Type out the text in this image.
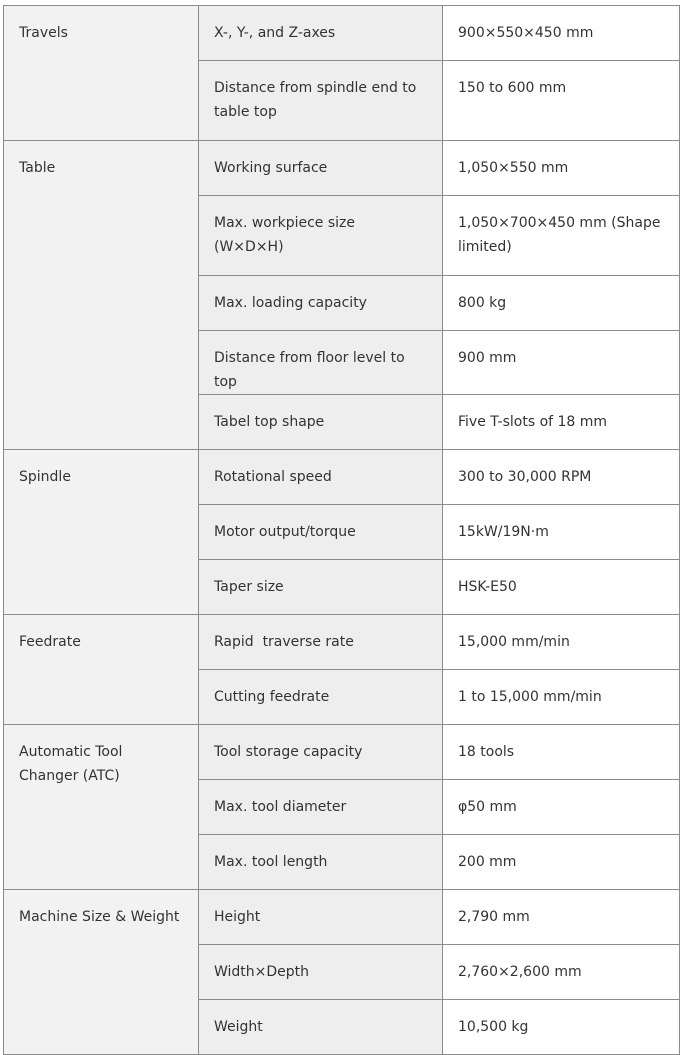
Travels	X-, Y-, and Z-axes	900×550×450 mm
	Distance from spindle end to table top	150 to 600 mm
Table	Working surface	1,050×550 mm
	Max. workpiece size (W×D×H)	1,050×700×450 mm (Shape limited)
	Max. loading capacity	800 kg
	Distance from floor level to top	900 mm
	Tabel top shape	Five T-slots of 18 mm
Spindle	Rotational speed	300 to 30,000 RPM
	Motor output/torque	15kW/19N·m
	Taper size	HSK-E50
Feedrate	Rapid  traverse rate	15,000 mm/min
	Cutting feedrate	1 to 15,000 mm/min
Automatic Tool Changer (ATC)	Tool storage capacity	18 tools
	Max. tool diameter	φ50 mm
	Max. tool length	200 mm
Machine Size & Weight	Height	2,790 mm
	Width×Depth	2,760×2,600 mm
	Weight	10,500 kg
